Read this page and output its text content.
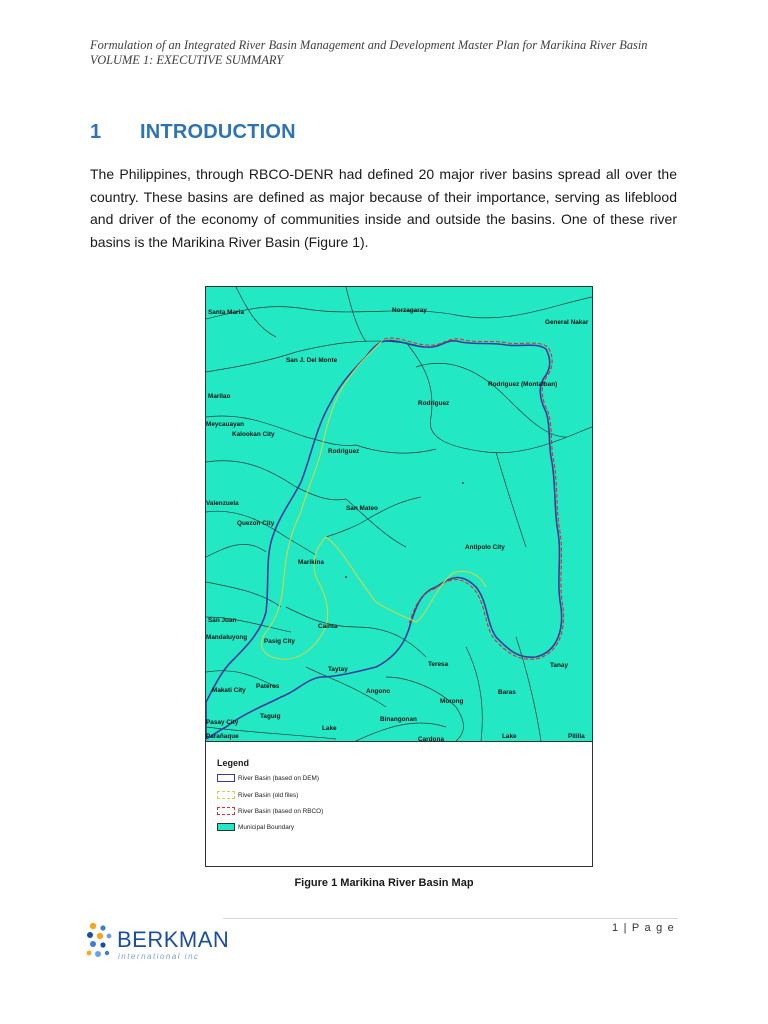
Formulation of an Integrated River Basin Management and Development Master Plan for Marikina River Basin
VOLUME 1: EXECUTIVE SUMMARY
1 INTRODUCTION
The Philippines, through RBCO-DENR had defined 20 major river basins spread all over the country. These basins are defined as major because of their importance, serving as lifeblood and driver of the economy of communities inside and outside the basins. One of these river basins is the Marikina River Basin (Figure 1).
Norzagaray
General Nakar
Santa Maria
San J. Del Monte
Rodriguez (Montalban)
Marilao
Rodriguez
Meycauayan
Kalookan City
Rodriguez
Valenzuela
San Mateo
Quezon City
Antipolo City
Marikina
San Juan
Mandaluyong
Pasig City
Cainta
Teresa	Tanay
Taytay
Makati City
Pateros
Angono
Morong
Baras
Pasay City
Taguig	Binangonan
Lake
Parañaque	Cardona	Lake	Pililla
Legend
River Basin (based on DEM)
River Basin (old files)
River Basin (based on RBCO)
Municipal Boundary
Figure 1 Marikina River Basin Map
1 | P a g e
BERKMAN
international inc
